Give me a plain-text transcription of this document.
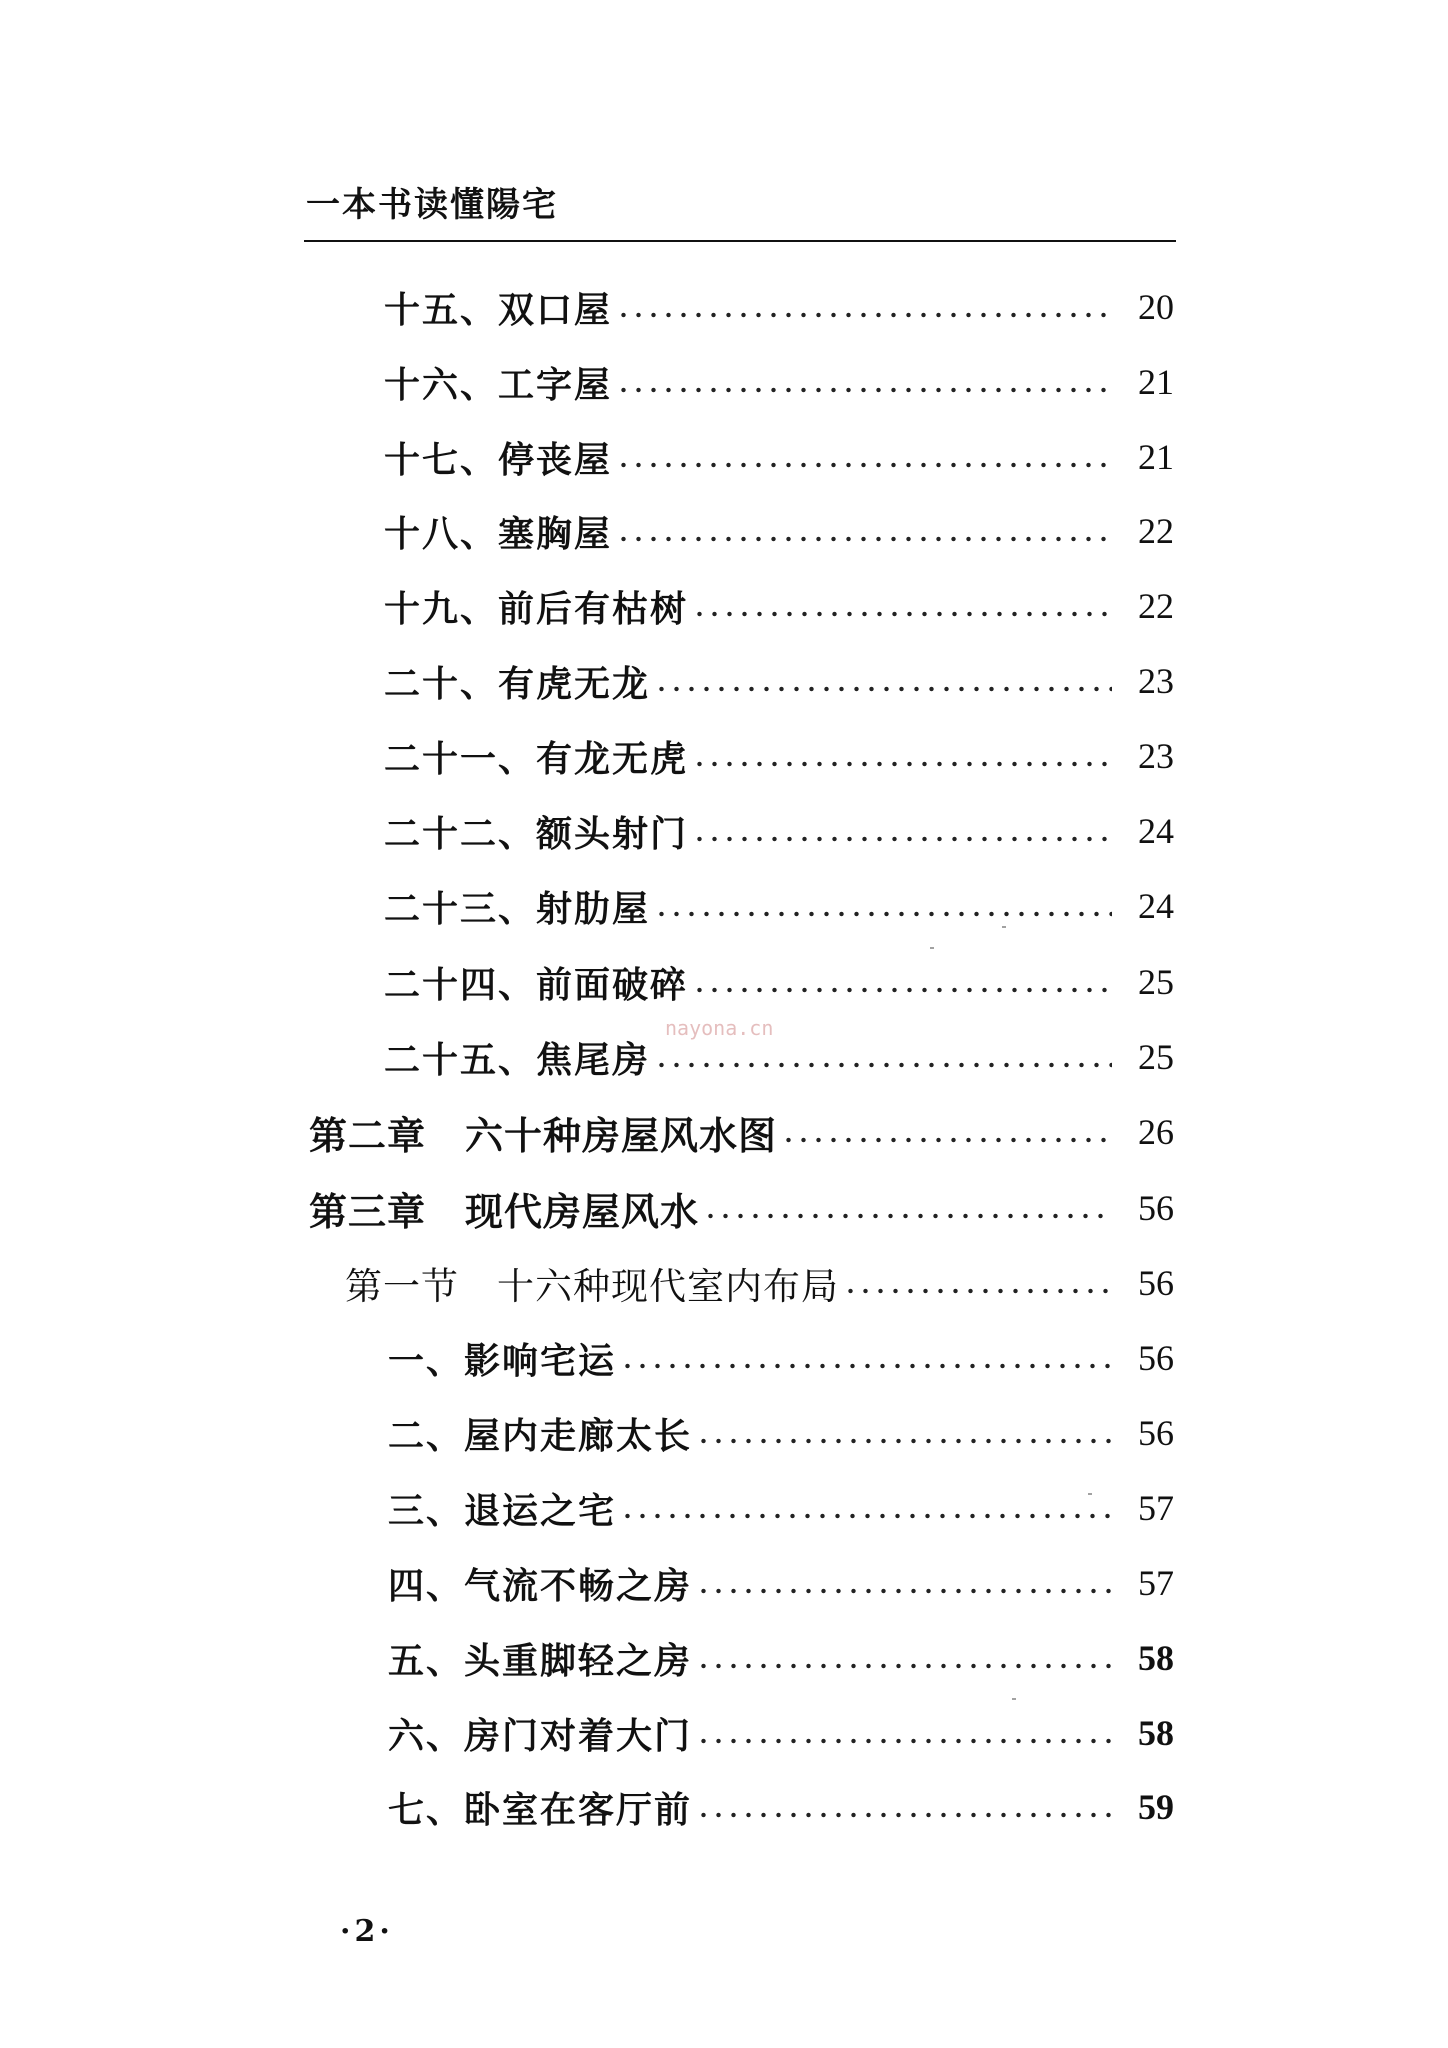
一本书读懂陽宅
十五、双口屋	20
十六、工字屋	21
十七、停丧屋	21
十八、塞胸屋	22
十九、前后有枯树	22
二十、有虎无龙	23
二十一、有龙无虎	23
二十二、额头射门	24
二十三、射肋屋	24
二十四、前面破碎	25
二十五、焦尾房	25
第二章　六十种房屋风水图	26
第三章　现代房屋风水	56
第一节　十六种现代室内布局	56
一、影响宅运	56
二、屋内走廊太长	56
三、退运之宅	57
四、气流不畅之房	57
五、头重脚轻之房	58
六、房门对着大门	58
七、卧室在客厅前	59
nayona.cn
·2·
